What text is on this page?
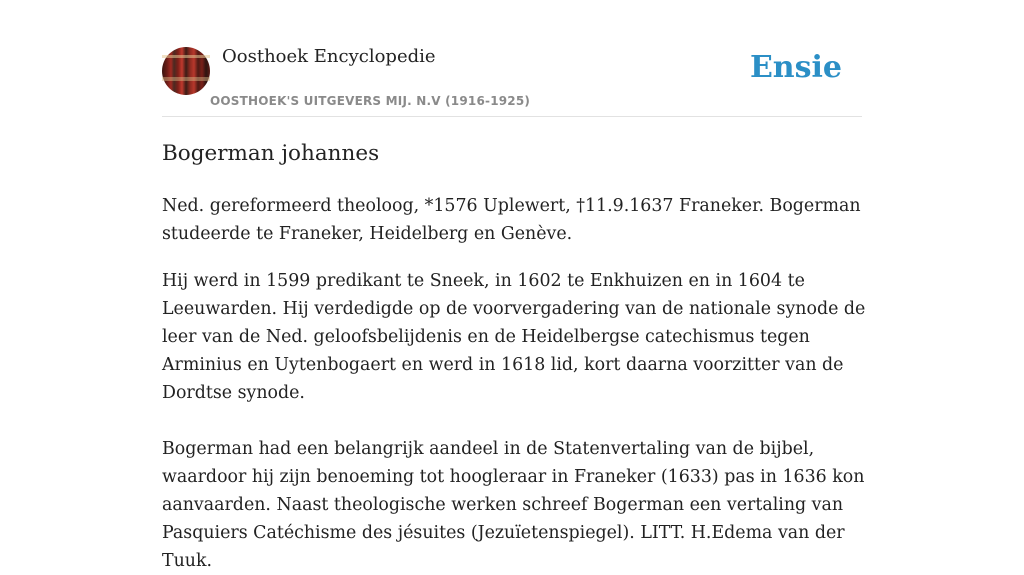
Oosthoek Encyclopedie
OOSTHOEK'S UITGEVERS MIJ. N.V (1916-1925)
Ensie
Bogerman johannes

Ned. gereformeerd theoloog, *1576 Uplewert, †11.9.1637 Franeker. Bogerman studeerde te Franeker, Heidelberg en Genève.

Hij werd in 1599 predikant te Sneek, in 1602 te Enkhuizen en in 1604 te Leeuwarden. Hij verdedigde op de voorvergadering van de nationale synode de leer van de Ned. geloofsbelijdenis en de Heidelbergse catechismus tegen Arminius en Uytenbogaert en werd in 1618 lid, kort daarna voorzitter van de Dordtse synode.

Bogerman had een belangrijk aandeel in de Statenvertaling van de bijbel, waardoor hij zijn benoeming tot hoogleraar in Franeker (1633) pas in 1636 kon aanvaarden. Naast theologische werken schreef Bogerman een vertaling van Pasquiers Catéchisme des jésuites (Jezuïetenspiegel). LITT. H.Edema van der Tuuk.
